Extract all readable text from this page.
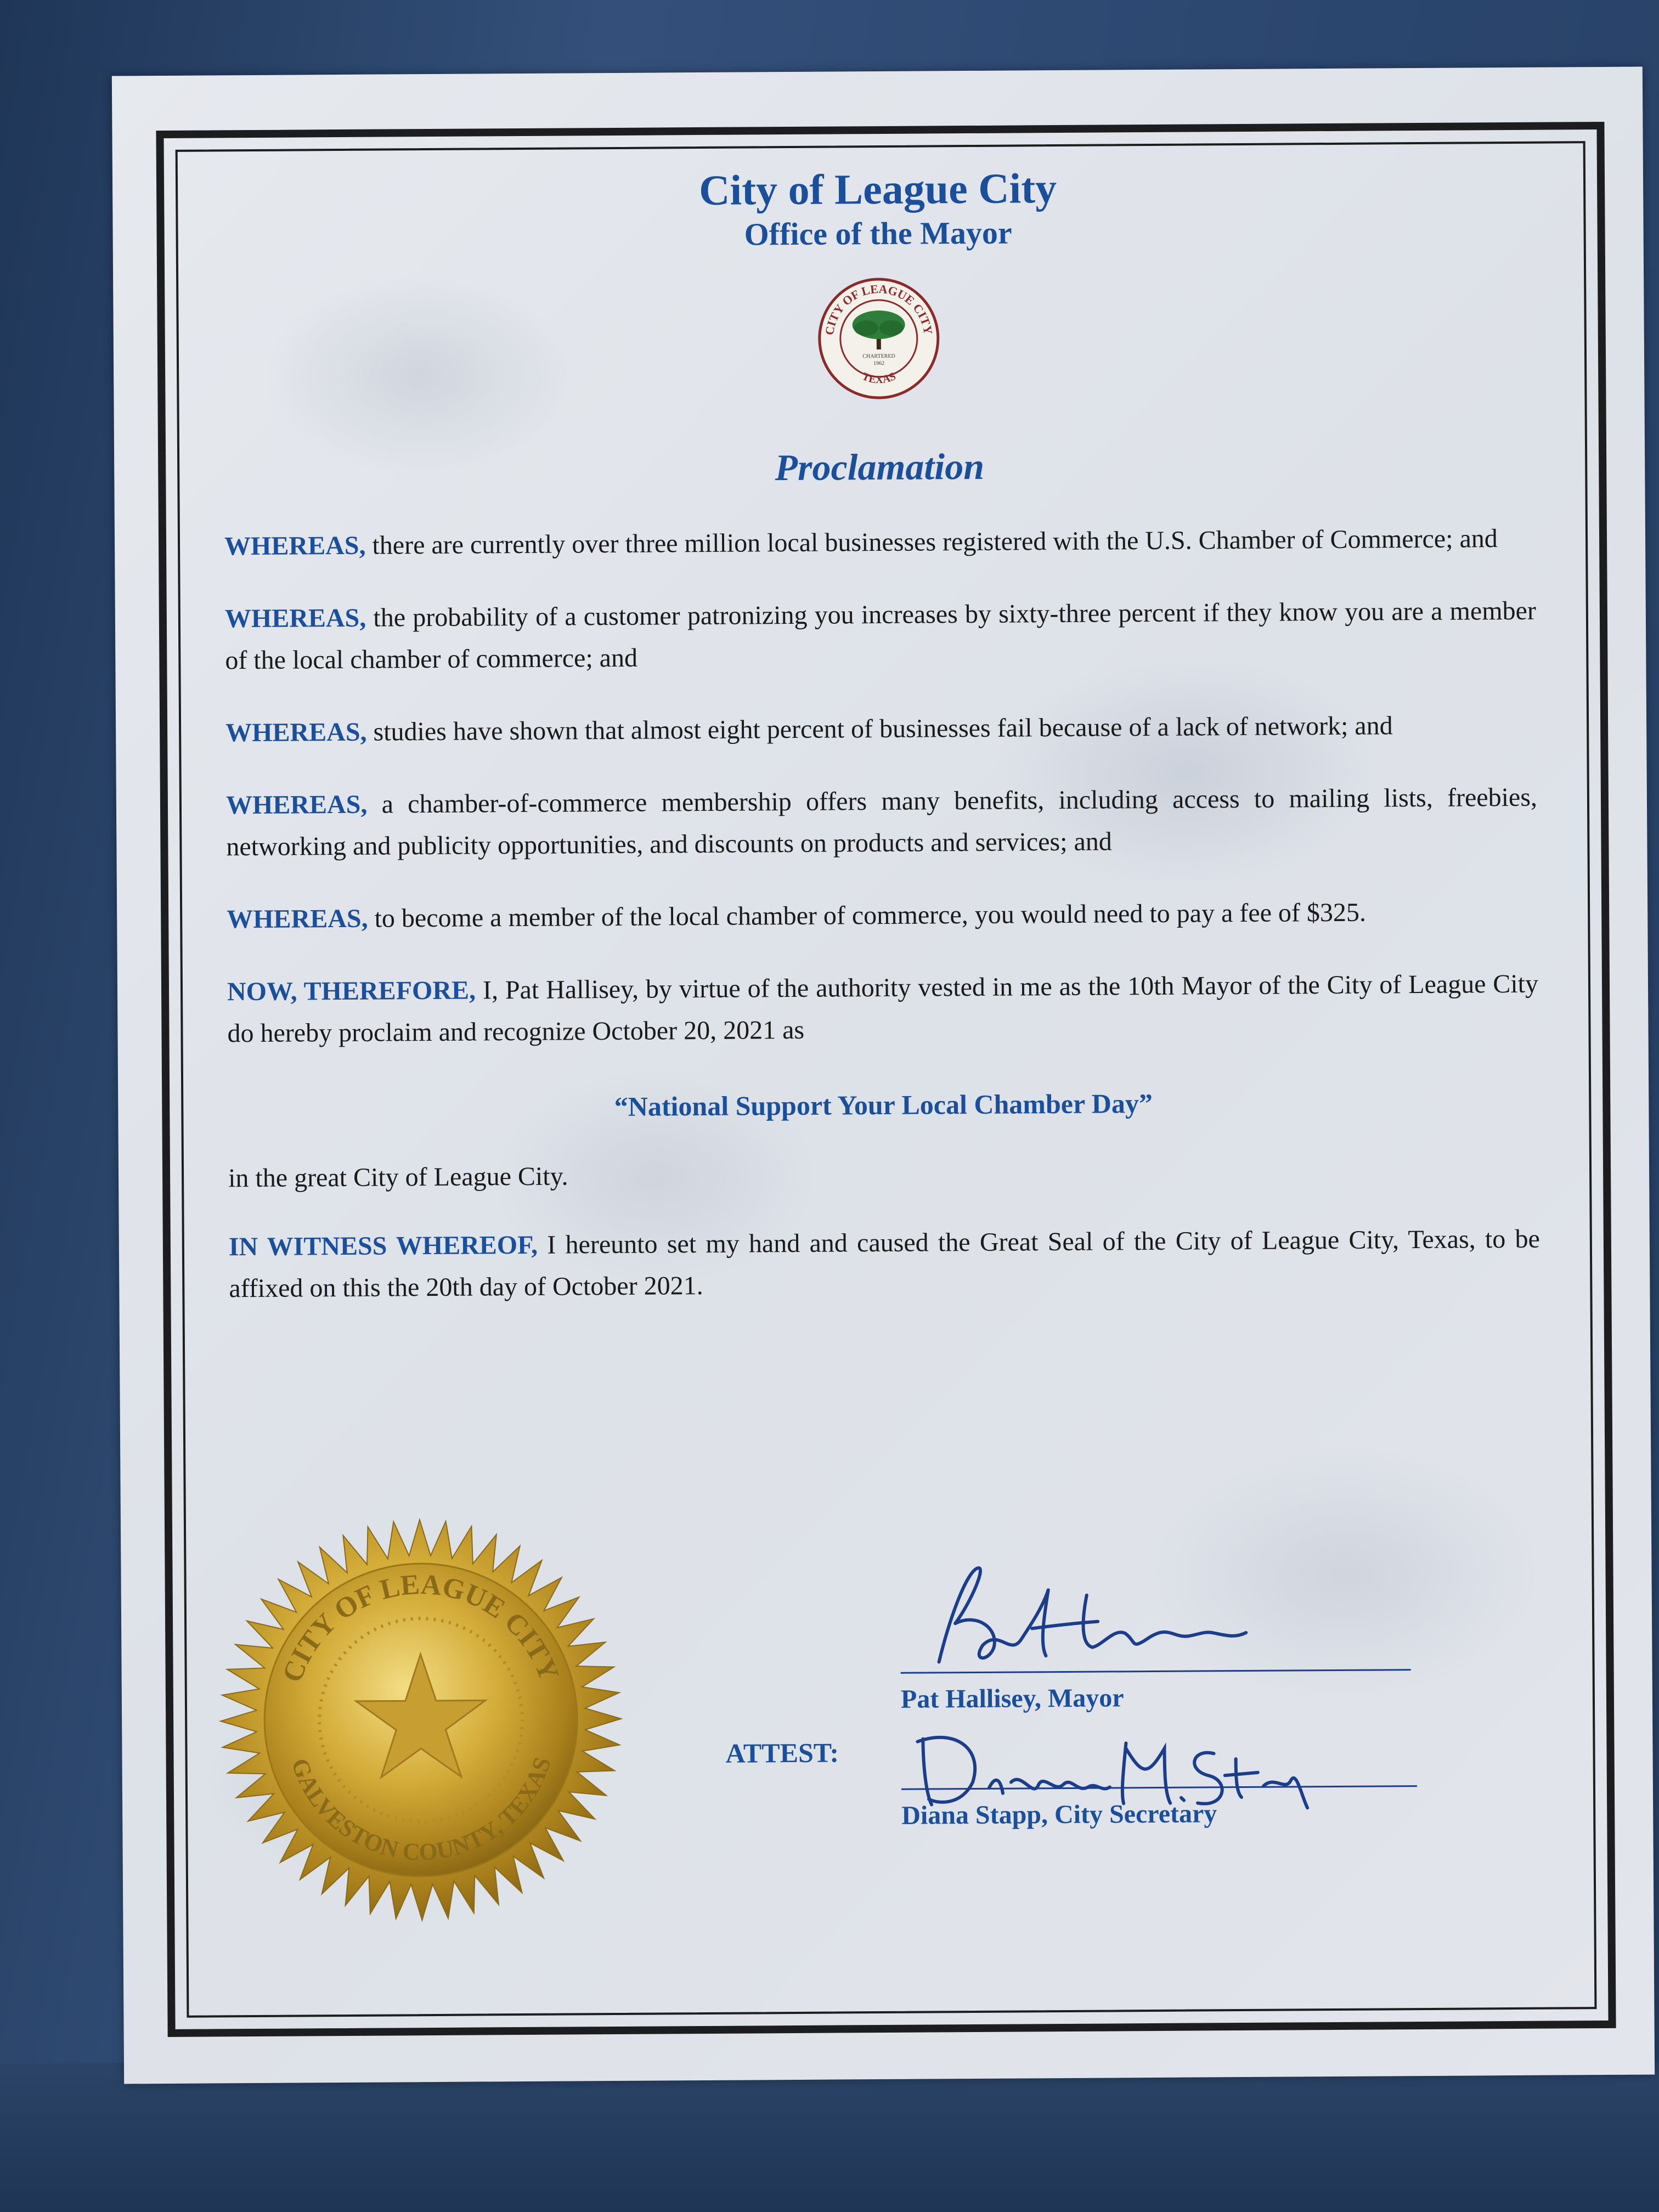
City of League City
Office of the Mayor
CITY OF LEAGUE CITY
TEXAS
CHARTERED
1962
Proclamation

WHEREAS, there are currently over three million local businesses registered with the U.S. Chamber of Commerce; and

WHEREAS, the probability of a customer patronizing you increases by sixty-three percent if they know you are a member of the local chamber of commerce; and

WHEREAS, studies have shown that almost eight percent of businesses fail because of a lack of network; and

WHEREAS, a chamber-of-commerce membership offers many benefits, including access to mailing lists, freebies, networking and publicity opportunities, and discounts on products and services; and

WHEREAS, to become a member of the local chamber of commerce, you would need to pay a fee of $325.

NOW, THEREFORE, I, Pat Hallisey, by virtue of the authority vested in me as the 10th Mayor of the City of League City do hereby proclaim and recognize October 20, 2021 as

“National Support Your Local Chamber Day”

in the great City of League City.

IN WITNESS WHEREOF, I hereunto set my hand and caused the Great Seal of the City of League City, Texas, to be affixed on this the 20th day of October 2021.

CITY OF LEAGUE CITY
GALVESTON COUNTY, TEXAS	ATTEST:
Pat Hallisey, Mayor
Diana Stapp, City Secretary
